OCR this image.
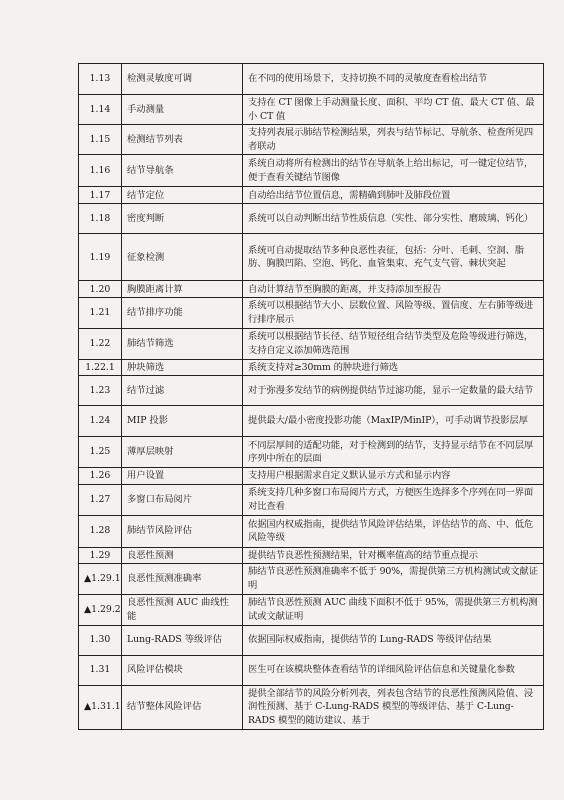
1.13	检测灵敏度可调	在不同的使用场景下，支持切换不同的灵敏度查看检出结节
1.14	手动测量	支持在 CT 图像上手动测量长度、面积、平均 CT 值、最大 CT 值、最小 CT 值
1.15	检测结节列表	支持列表展示肺结节检测结果，列表与结节标记、导航条、检查所见四者联动
1.16	结节导航条	系统自动将所有检测出的结节在导航条上给出标记，可一键定位结节，便于查看关键结节图像
1.17	结节定位	自动给出结节位置信息，需精确到肺叶及肺段位置
1.18	密度判断	系统可以自动判断出结节性质信息（实性、部分实性、磨玻璃、钙化）
1.19	征象检测	系统可自动提取结节多种良恶性表征，包括：分叶、毛刺、空洞、脂肪、胸膜凹陷、空泡、钙化、血管集束、充气支气管、棘状突起
1.20	胸膜距离计算	自动计算结节至胸膜的距离，并支持添加至报告
1.21	结节排序功能	系统可以根据结节大小、层数位置、风险等级、置信度、左右肺等级进行排序展示
1.22	肺结节筛选	系统可以根据结节长径、结节短径组合结节类型及危险等级进行筛选，支持自定义添加筛选范围
1.22.1	肿块筛选	系统支持对≥30mm 的肿块进行筛选
1.23	结节过滤	对于弥漫多发结节的病例提供结节过滤功能，显示一定数量的最大结节
1.24	MIP 投影	提供最大/最小密度投影功能（MaxIP/MinIP），可手动调节投影层厚
1.25	薄厚层映射	不同层厚间的适配功能，对于检测到的结节，支持显示结节在不同层厚序列中所在的层面
1.26	用户设置	支持用户根据需求自定义默认显示方式和显示内容
1.27	多窗口布局阅片	系统支持几种多窗口布局阅片方式，方便医生选择多个序列在同一界面对比查看
1.28	肺结节风险评估	依据国内权威指南，提供结节风险评估结果，评估结节的高、中、低危风险等级
1.29	良恶性预测	提供结节良恶性预测结果，针对概率值高的结节重点提示
▲1.29.1	良恶性预测准确率	肺结节良恶性预测准确率不低于 90%，需提供第三方机构测试或文献证明
▲1.29.2	良恶性预测 AUC 曲线性能	肺结节良恶性预测 AUC 曲线下面积不低于 95%，需提供第三方机构测试或文献证明
1.30	Lung-RADS 等级评估	依据国际权威指南，提供结节的 Lung-RADS 等级评估结果
1.31	风险评估模块	医生可在该模块整体查看结节的详细风险评估信息和关键量化参数
▲1.31.1	结节整体风险评估	提供全部结节的风险分析列表，列表包含结节的良恶性预测风险值、浸润性预测、基于 C-Lung-RADS 模型的等级评估、基于 C-Lung-RADS 模型的随访建议、基于
